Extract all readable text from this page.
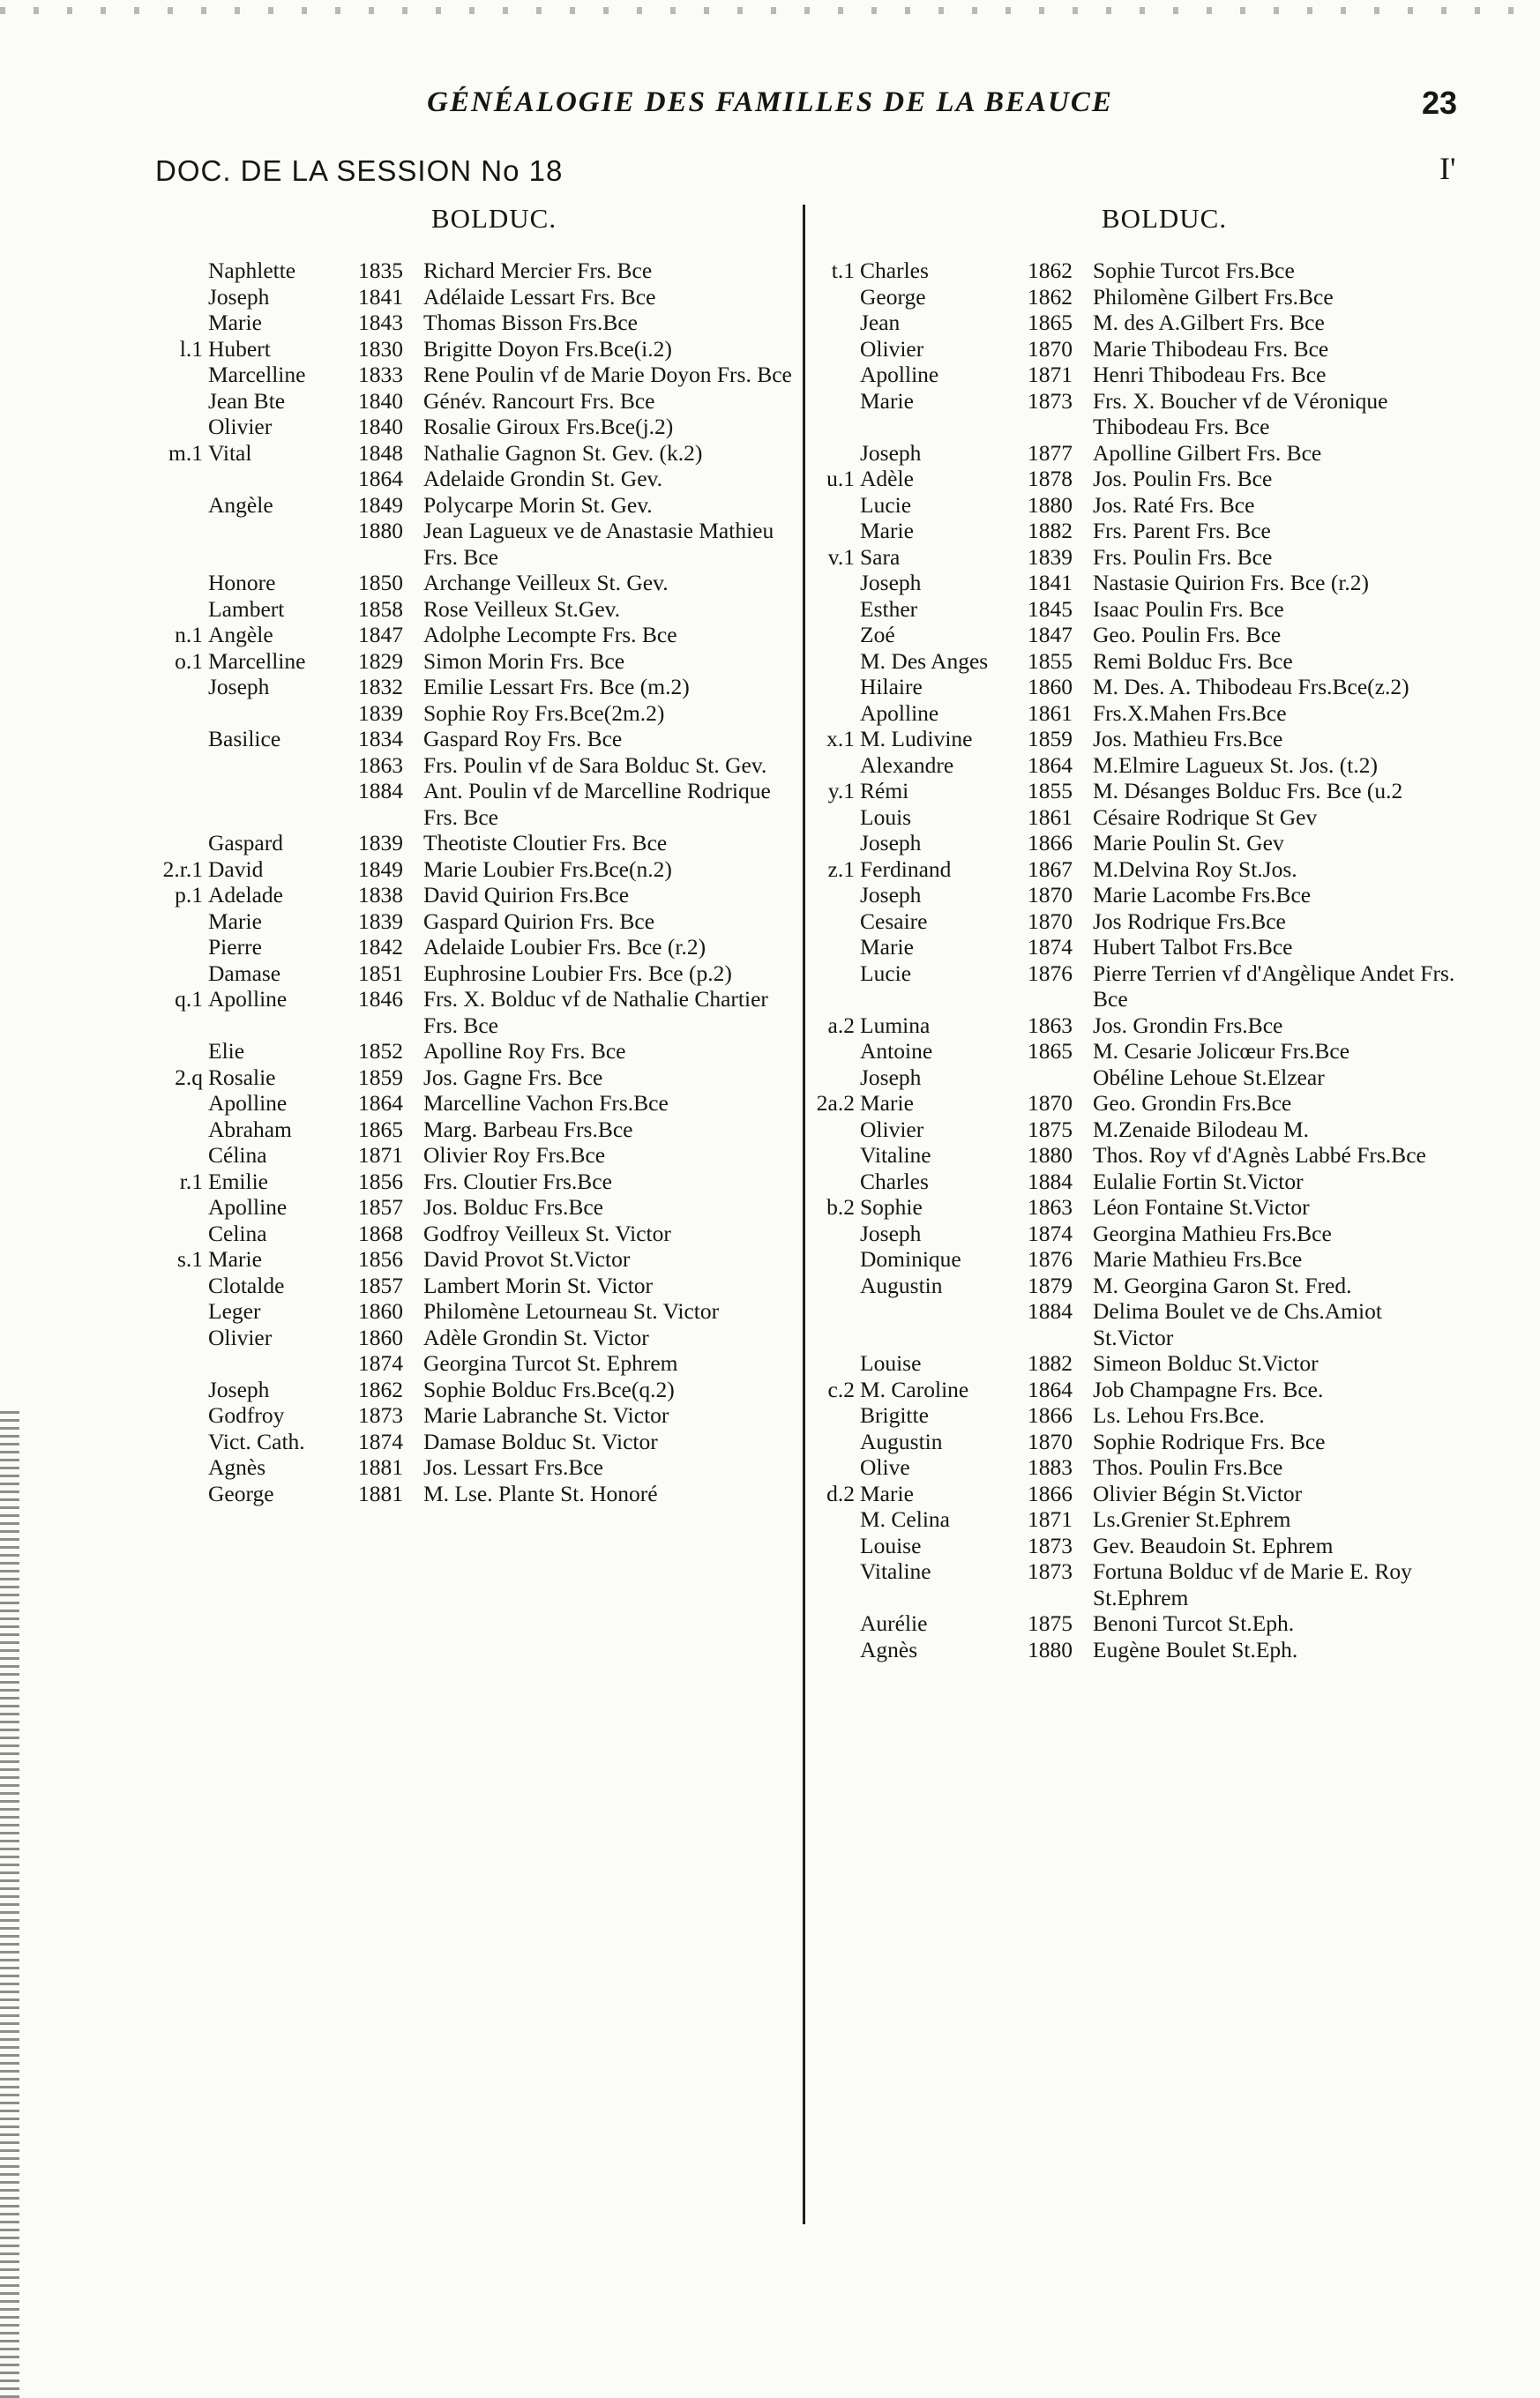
GÉNÉALOGIE DES FAMILLES DE LA BEAUCE	23
DOC. DE LA SESSION No 18	I'
BOLDUC.	BOLDUC.
Naphlette	1835 Richard Mercier Frs. Bce
Joseph	1841 Adélaide Lessart Frs. Bce
Marie	1843 Thomas Bisson Frs.Bce
l.1 Hubert	1830 Brigitte Doyon Frs.Bce(i.2)
Marcelline	1833 Rene Poulin vf de Marie Doyon Frs. Bce
Jean Bte	1840 Génév. Rancourt Frs. Bce
Olivier	1840 Rosalie Giroux Frs.Bce(j.2)
m.1 Vital	1848 Nathalie Gagnon St. Gev. (k.2)
1864 Adelaide Grondin St. Gev.
Angèle	1849 Polycarpe Morin St. Gev.
1880 Jean Lagueux ve de Anastasie Mathieu Frs. Bce
Honore	1850 Archange Veilleux St. Gev.
Lambert	1858 Rose Veilleux St.Gev.
n.1 Angèle	1847 Adolphe Lecompte Frs. Bce
o.1 Marcelline	1829 Simon Morin Frs. Bce
Joseph	1832 Emilie Lessart Frs. Bce (m.2)
1839 Sophie Roy Frs.Bce(2m.2)
Basilice	1834 Gaspard Roy Frs. Bce
1863 Frs. Poulin vf de Sara Bolduc St. Gev.
1884 Ant. Poulin vf de Marcelline Rodrique Frs. Bce
Gaspard	1839 Theotiste Cloutier Frs. Bce
2.r.1 David	1849 Marie Loubier Frs.Bce(n.2)
p.1 Adelade	1838 David Quirion Frs.Bce
Marie	1839 Gaspard Quirion Frs. Bce
Pierre	1842 Adelaide Loubier Frs. Bce (r.2)
Damase	1851 Euphrosine Loubier Frs. Bce (p.2)
q.1 Apolline	1846 Frs. X. Bolduc vf de Nathalie Chartier Frs. Bce
Elie	1852 Apolline Roy Frs. Bce
2.q Rosalie	1859 Jos. Gagne Frs. Bce
Apolline	1864 Marcelline Vachon Frs.Bce
Abraham	1865 Marg. Barbeau Frs.Bce
Célina	1871 Olivier Roy Frs.Bce
r.1 Emilie	1856 Frs. Cloutier Frs.Bce
Apolline	1857 Jos. Bolduc Frs.Bce
Celina	1868 Godfroy Veilleux St. Victor
s.1 Marie	1856 David Provot St.Victor
Clotalde	1857 Lambert Morin St. Victor
Leger	1860 Philomène Letourneau St. Victor
Olivier	1860 Adèle Grondin St. Victor
1874 Georgina Turcot St. Ephrem
Joseph	1862 Sophie Bolduc Frs.Bce(q.2)
Godfroy	1873 Marie Labranche St. Victor
Vict. Cath.	1874 Damase Bolduc St. Victor
Agnès	1881 Jos. Lessart Frs.Bce
George	1881 M. Lse. Plante St. Honoré
t.1 Charles	1862 Sophie Turcot Frs.Bce
George	1862 Philomène Gilbert Frs.Bce
Jean	1865 M. des A.Gilbert Frs. Bce
Olivier	1870 Marie Thibodeau Frs. Bce
Apolline	1871 Henri Thibodeau Frs. Bce
Marie	1873 Frs. X. Boucher vf de Véronique Thibodeau Frs. Bce
Joseph	1877 Apolline Gilbert Frs. Bce
u.1 Adèle	1878 Jos. Poulin Frs. Bce
Lucie	1880 Jos. Raté Frs. Bce
Marie	1882 Frs. Parent Frs. Bce
v.1 Sara	1839 Frs. Poulin Frs. Bce
Joseph	1841 Nastasie Quirion Frs. Bce (r.2)
Esther	1845 Isaac Poulin Frs. Bce
Zoé	1847 Geo. Poulin Frs. Bce
M. Des Anges	1855 Remi Bolduc Frs. Bce
Hilaire	1860 M. Des. A. Thibodeau Frs.Bce(z.2)
Apolline	1861 Frs.X.Mahen Frs.Bce
x.1 M. Ludivine	1859 Jos. Mathieu Frs.Bce
Alexandre	1864 M.Elmire Lagueux St. Jos. (t.2)
y.1 Rémi	1855 M. Désanges Bolduc Frs. Bce (u.2
Louis	1861 Césaire Rodrique St Gev
Joseph	1866 Marie Poulin St. Gev
z.1 Ferdinand	1867 M.Delvina Roy St.Jos.
Joseph	1870 Marie Lacombe Frs.Bce
Cesaire	1870 Jos Rodrique Frs.Bce
Marie	1874 Hubert Talbot Frs.Bce
Lucie	1876 Pierre Terrien vf d'Angèlique Andet Frs. Bce
a.2 Lumina	1863 Jos. Grondin Frs.Bce
Antoine	1865 M. Cesarie Jolicœur Frs.Bce
Joseph	Obéline Lehoue St.Elzear
2a.2 Marie	1870 Geo. Grondin Frs.Bce
Olivier	1875 M.Zenaide Bilodeau M.
Vitaline	1880 Thos. Roy vf d'Agnès Labbé Frs.Bce
Charles	1884 Eulalie Fortin St.Victor
b.2 Sophie	1863 Léon Fontaine St.Victor
Joseph	1874 Georgina Mathieu Frs.Bce
Dominique	1876 Marie Mathieu Frs.Bce
Augustin	1879 M. Georgina Garon St. Fred.
1884 Delima Boulet ve de Chs.Amiot St.Victor
Louise	1882 Simeon Bolduc St.Victor
c.2 M. Caroline	1864 Job Champagne Frs. Bce.
Brigitte	1866 Ls. Lehou Frs.Bce.
Augustin	1870 Sophie Rodrique Frs. Bce
Olive	1883 Thos. Poulin Frs.Bce
d.2 Marie	1866 Olivier Bégin St.Victor
M. Celina	1871 Ls.Grenier St.Ephrem
Louise	1873 Gev. Beaudoin St. Ephrem
Vitaline	1873 Fortuna Bolduc vf de Marie E. Roy St.Ephrem
Aurélie	1875 Benoni Turcot St.Eph.
Agnès	1880 Eugène Boulet St.Eph.
